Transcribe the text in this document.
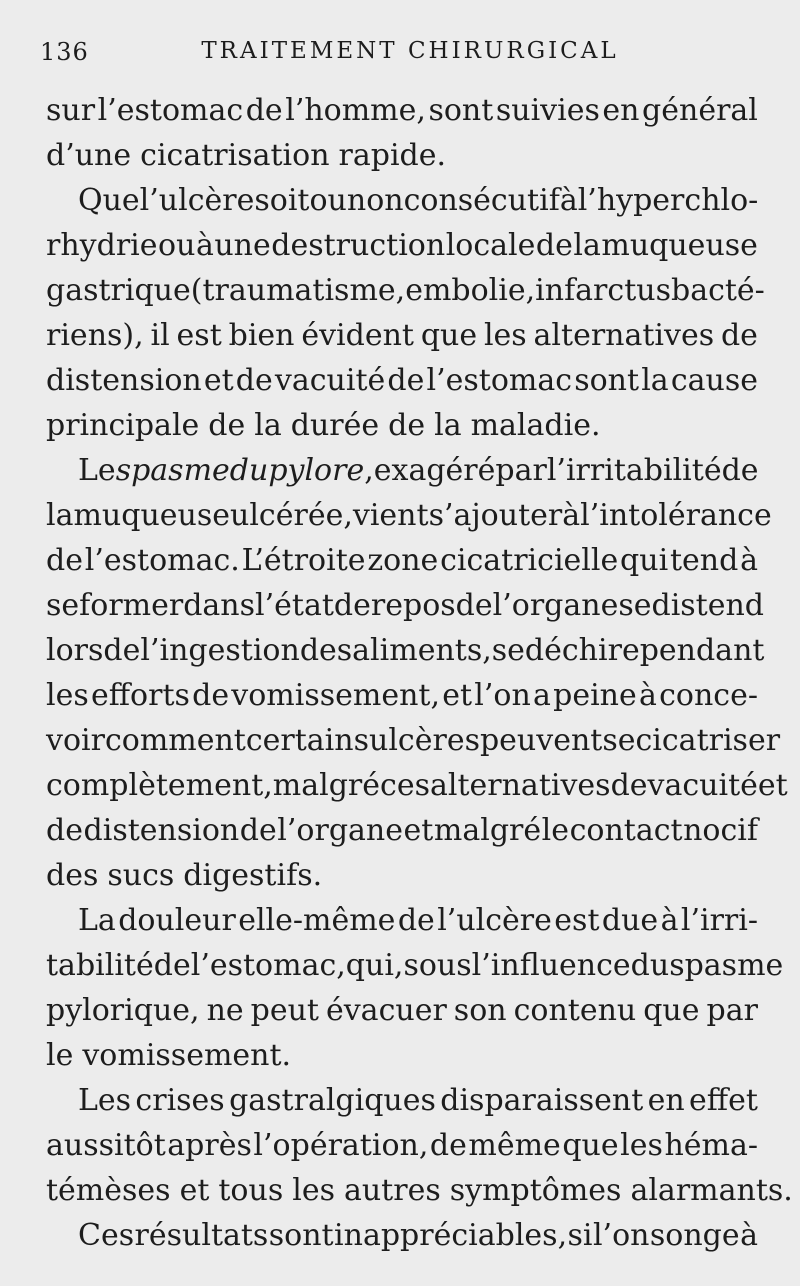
136	TRAITEMENT CHIRURGICAL
sur l’estomac de l’homme, sont suivies en général
d’une cicatrisation rapide.
Que l’ulcère soit ou non consécutif à l’hyperchlo-
rhydrie ou à une destruction locale de la muqueuse
gastrique (traumatisme, embolie, infarctus bacté-
riens), il est bien évident que les alternatives de
distension et de vacuité de l’estomac sont la cause
principale de la durée de la maladie.
Le spasme du pylore, exagéré par l’irritabilité de
la muqueuse ulcérée, vient s’ajouter à l’intolérance
de l’estomac. L’étroite zone cicatricielle qui tend à
se former dans l’état de repos de l’organe se distend
lors de l’ingestion des aliments, se déchire pendant
les efforts de vomissement, et l’on a peine à conce-
voir comment certains ulcères peuvent se cicatriser
complètement, malgré ces alternatives de vacuité et
de distension de l’organe et malgré le contact nocif
des sucs digestifs.
La douleur elle-même de l’ulcère est due à l’irri-
tabilité de l’estomac, qui, sous l’influence du spasme
pylorique, ne peut évacuer son contenu que par
le vomissement.
Les crises gastralgiques disparaissent en effet
aussitôt après l’opération, de même que les héma-
témèses et tous les autres symptômes alarmants.
Ces résultats sont inappréciables, si l’on songe à
